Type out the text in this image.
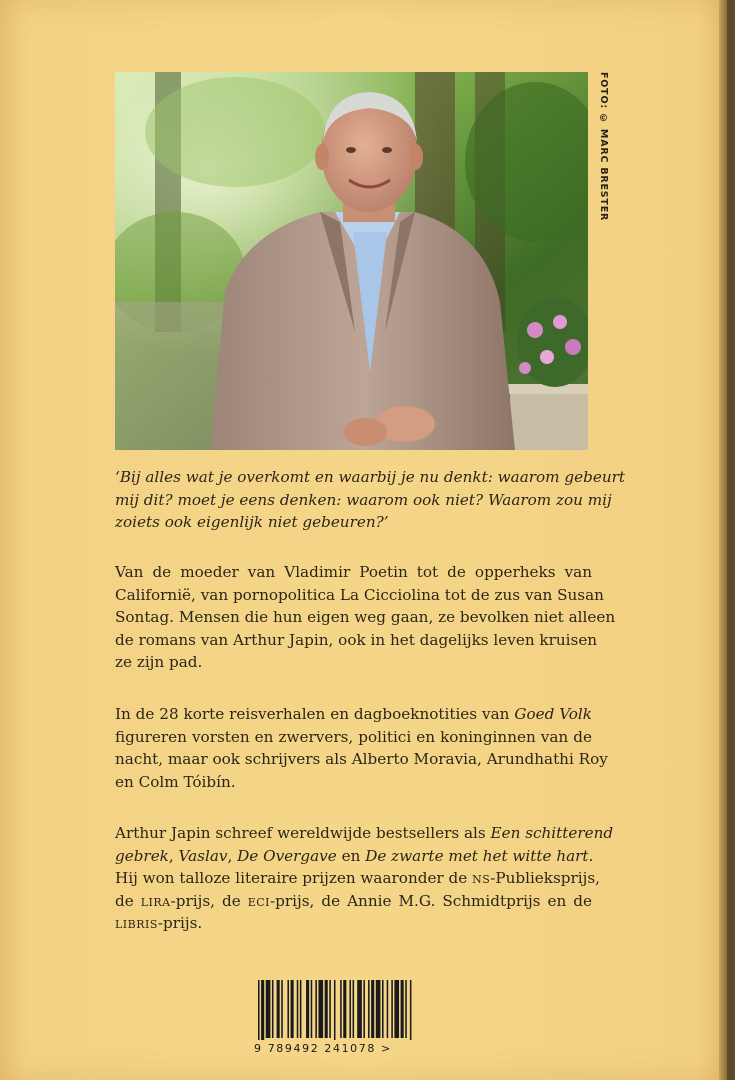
FOTO: © MARC BRESTER
‘Bij alles wat je overkomt en waarbij je nu denkt: waarom gebeurt
mij dit? moet je eens denken: waarom ook niet? Waarom zou mij
zoiets ook eigenlijk niet gebeuren?’
Van de moeder van Vladimir Poetin tot de opperheks van
Californië, van pornopolitica La Cicciolina tot de zus van Susan
Sontag. Mensen die hun eigen weg gaan, ze bevolken niet alleen
de romans van Arthur Japin, ook in het dagelijks leven kruisen
ze zijn pad.
In de 28 korte reisverhalen en dagboeknotities van Goed Volk
figureren vorsten en zwervers, politici en koninginnen van de
nacht, maar ook schrijvers als Alberto Moravia, Arundhathi Roy
en Colm Tóibín.
Arthur Japin schreef wereldwijde bestsellers als Een schitterend
gebrek, Vaslav, De Overgave en De zwarte met het witte hart.
Hij won talloze literaire prijzen waaronder de ns-Publieksprijs,
de lira-prijs, de eci-prijs, de Annie M.G. Schmidtprijs en de
libris-prijs.
9 789492 241078 >
